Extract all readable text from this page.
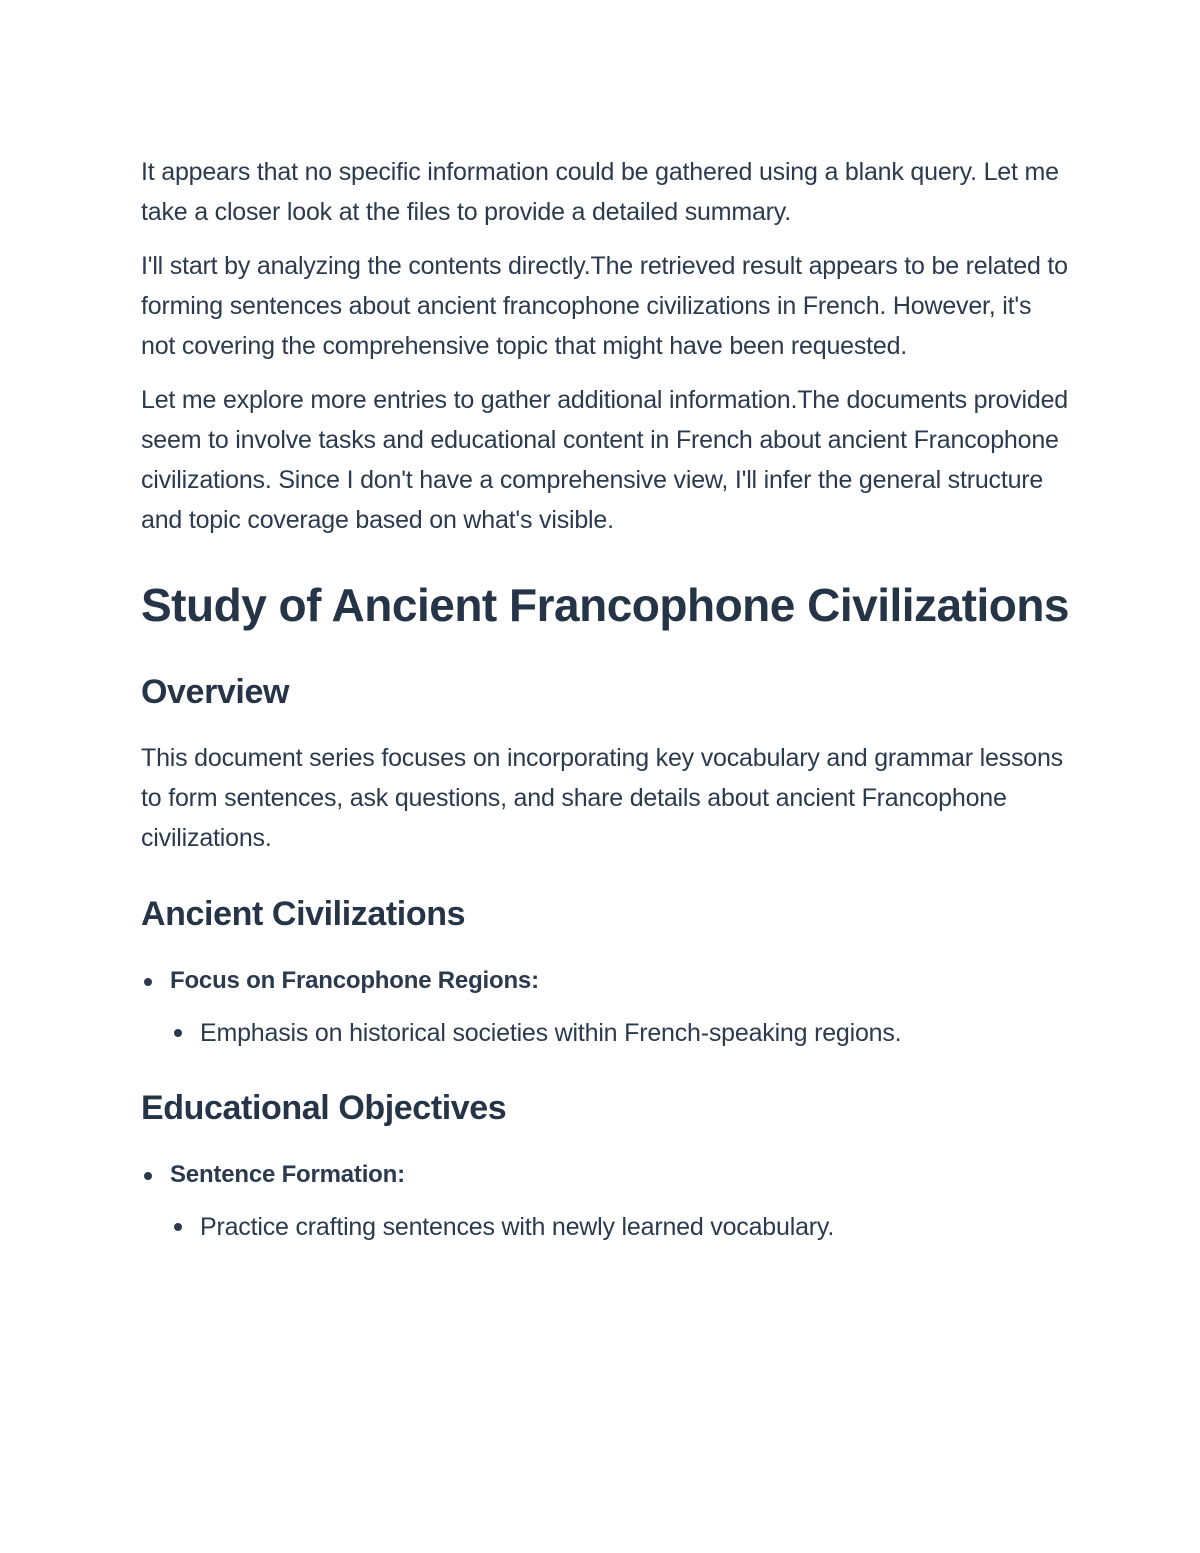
It appears that no specific information could be gathered using a blank query. Let me take a closer look at the files to provide a detailed summary.

I'll start by analyzing the contents directly.The retrieved result appears to be related to forming sentences about ancient francophone civilizations in French. However, it's not covering the comprehensive topic that might have been requested.

Let me explore more entries to gather additional information.The documents provided seem to involve tasks and educational content in French about ancient Francophone civilizations. Since I don't have a comprehensive view, I'll infer the general structure and topic coverage based on what's visible.

Study of Ancient Francophone Civilizations
Overview

This document series focuses on incorporating key vocabulary and grammar lessons to form sentences, ask questions, and share details about ancient Francophone civilizations.

Ancient Civilizations
Focus on Francophone Regions:
Emphasis on historical societies within French-speaking regions.
Educational Objectives
Sentence Formation:
Practice crafting sentences with newly learned vocabulary.
